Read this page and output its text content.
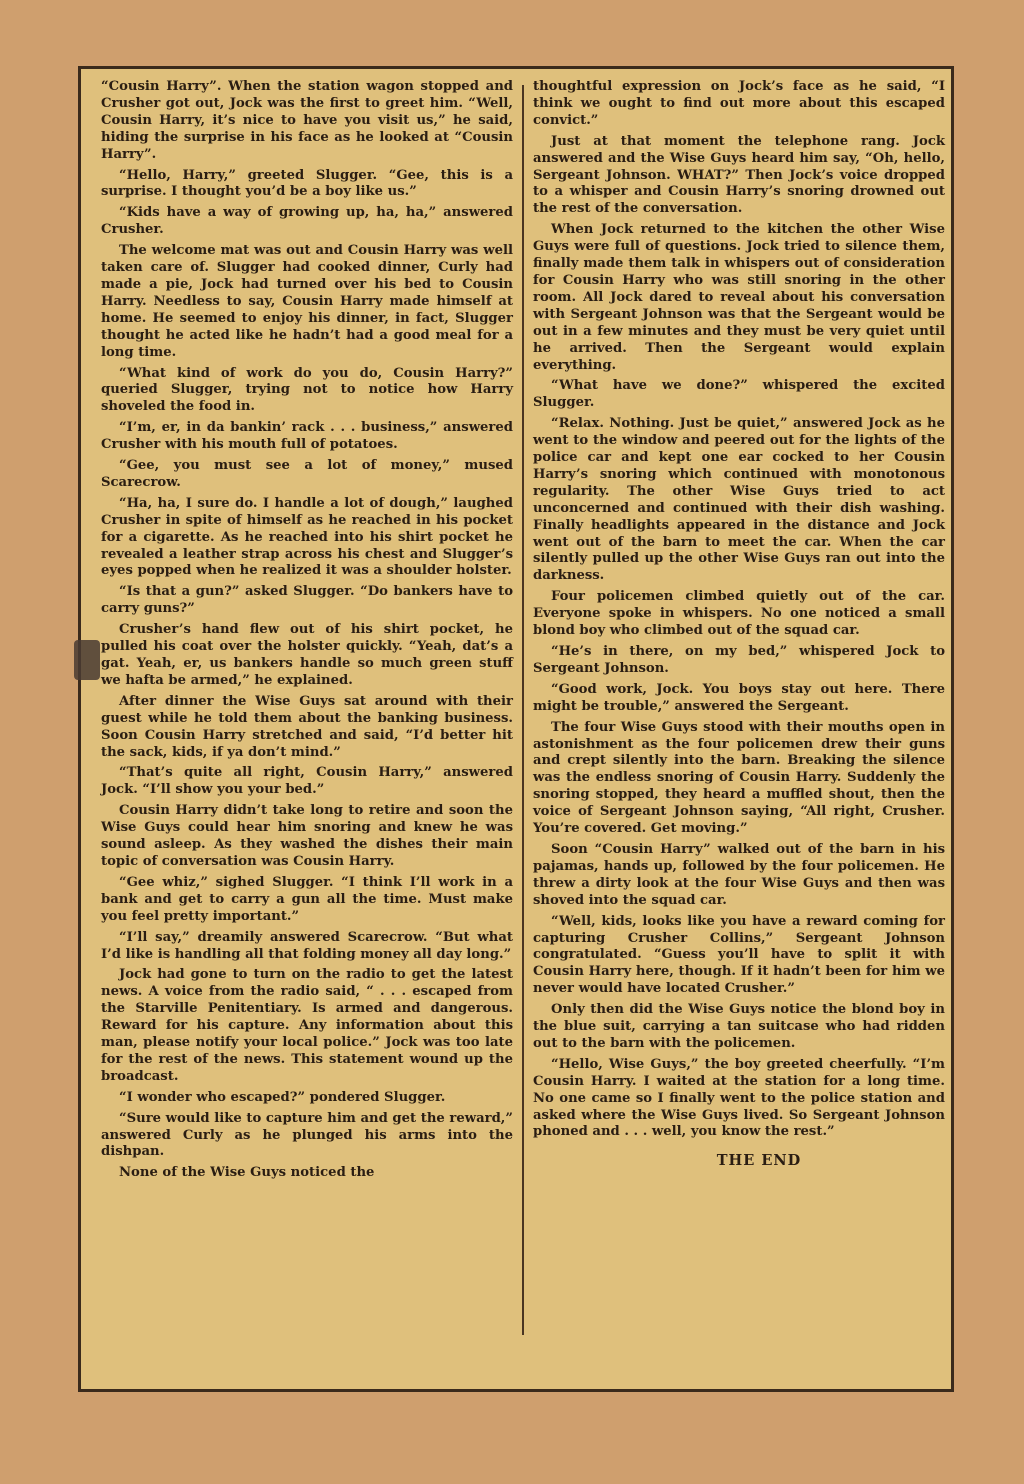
“Cousin Harry”. When the station wagon stopped and Crusher got out, Jock was the first to greet him. “Well, Cousin Harry, it’s nice to have you visit us,” he said, hiding the surprise in his face as he looked at “Cousin Harry”.

“Hello, Harry,” greeted Slugger. “Gee, this is a surprise. I thought you’d be a boy like us.”

“Kids have a way of growing up, ha, ha,” answered Crusher.

The welcome mat was out and Cousin Harry was well taken care of. Slugger had cooked dinner, Curly had made a pie, Jock had turned over his bed to Cousin Harry. Needless to say, Cousin Harry made himself at home. He seemed to enjoy his dinner, in fact, Slugger thought he acted like he hadn’t had a good meal for a long time.

“What kind of work do you do, Cousin Harry?” queried Slugger, trying not to notice how Harry shoveled the food in.

“I’m, er, in da bankin’ rack . . . business,” answered Crusher with his mouth full of potatoes.

“Gee, you must see a lot of money,” mused Scarecrow.

“Ha, ha, I sure do. I handle a lot of dough,” laughed Crusher in spite of himself as he reached in his pocket for a cigarette. As he reached into his shirt pocket he revealed a leather strap across his chest and Slugger’s eyes popped when he realized it was a shoulder holster.

“Is that a gun?” asked Slugger. “Do bankers have to carry guns?”

Crusher’s hand flew out of his shirt pocket, he pulled his coat over the holster quickly. “Yeah, dat’s a gat. Yeah, er, us bankers handle so much green stuff we hafta be armed,” he explained.

After dinner the Wise Guys sat around with their guest while he told them about the banking business. Soon Cousin Harry stretched and said, “I’d better hit the sack, kids, if ya don’t mind.”

“That’s quite all right, Cousin Harry,” answered Jock. “I’ll show you your bed.”

Cousin Harry didn’t take long to retire and soon the Wise Guys could hear him snoring and knew he was sound asleep. As they washed the dishes their main topic of conversation was Cousin Harry.

“Gee whiz,” sighed Slugger. “I think I’ll work in a bank and get to carry a gun all the time. Must make you feel pretty important.”

“I’ll say,” dreamily answered Scarecrow. “But what I’d like is handling all that folding money all day long.”

Jock had gone to turn on the radio to get the latest news. A voice from the radio said, “ . . . escaped from the Starville Penitentiary. Is armed and dangerous. Reward for his capture. Any information about this man, please notify your local police.” Jock was too late for the rest of the news. This statement wound up the broadcast.

“I wonder who escaped?” pondered Slugger.

“Sure would like to capture him and get the reward,” answered Curly as he plunged his arms into the dishpan.

None of the Wise Guys noticed the

thoughtful expression on Jock’s face as he said, “I think we ought to find out more about this escaped convict.”

Just at that moment the telephone rang. Jock answered and the Wise Guys heard him say, “Oh, hello, Sergeant Johnson. WHAT?” Then Jock’s voice dropped to a whisper and Cousin Harry’s snoring drowned out the rest of the conversation.

When Jock returned to the kitchen the other Wise Guys were full of questions. Jock tried to silence them, finally made them talk in whispers out of consideration for Cousin Harry who was still snoring in the other room. All Jock dared to reveal about his conversation with Sergeant Johnson was that the Sergeant would be out in a few minutes and they must be very quiet until he arrived. Then the Sergeant would explain everything.

“What have we done?” whispered the excited Slugger.

“Relax. Nothing. Just be quiet,” answered Jock as he went to the window and peered out for the lights of the police car and kept one ear cocked to her Cousin Harry’s snoring which continued with monotonous regularity. The other Wise Guys tried to act unconcerned and continued with their dish washing. Finally headlights appeared in the distance and Jock went out of the barn to meet the car. When the car silently pulled up the other Wise Guys ran out into the darkness.

Four policemen climbed quietly out of the car. Everyone spoke in whispers. No one noticed a small blond boy who climbed out of the squad car.

“He’s in there, on my bed,” whispered Jock to Sergeant Johnson.

“Good work, Jock. You boys stay out here. There might be trouble,” answered the Sergeant.

The four Wise Guys stood with their mouths open in astonishment as the four policemen drew their guns and crept silently into the barn. Breaking the silence was the endless snoring of Cousin Harry. Suddenly the snoring stopped, they heard a muffled shout, then the voice of Sergeant Johnson saying, “All right, Crusher. You’re covered. Get moving.”

Soon “Cousin Harry” walked out of the barn in his pajamas, hands up, followed by the four policemen. He threw a dirty look at the four Wise Guys and then was shoved into the squad car.

“Well, kids, looks like you have a reward coming for capturing Crusher Collins,” Sergeant Johnson congratulated. “Guess you’ll have to split it with Cousin Harry here, though. If it hadn’t been for him we never would have located Crusher.”

Only then did the Wise Guys notice the blond boy in the blue suit, carrying a tan suitcase who had ridden out to the barn with the policemen.

“Hello, Wise Guys,” the boy greeted cheerfully. “I’m Cousin Harry. I waited at the station for a long time. No one came so I finally went to the police station and asked where the Wise Guys lived. So Sergeant Johnson phoned and . . . well, you know the rest.”

THE END
